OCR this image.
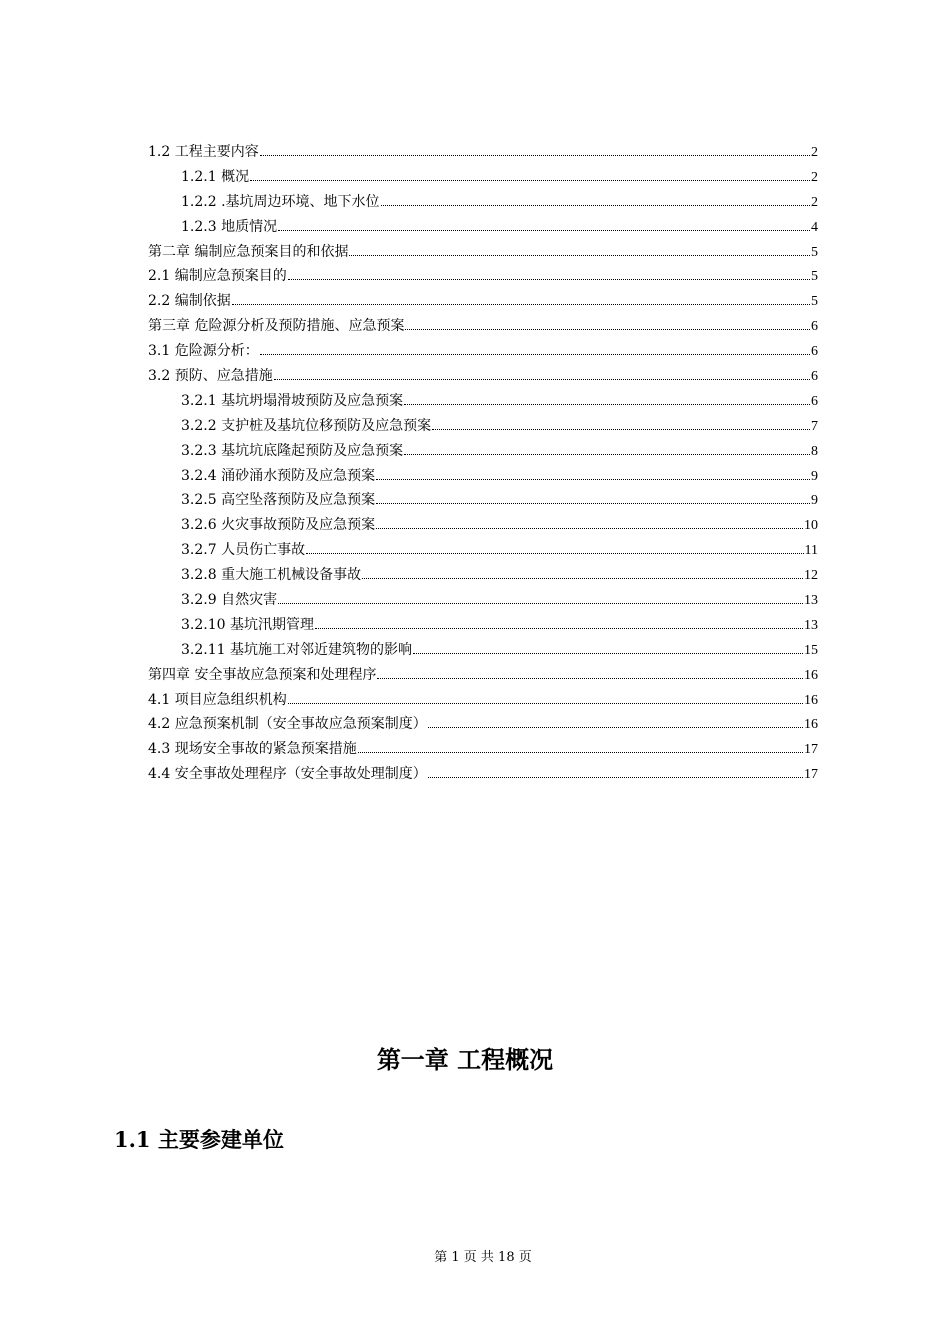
1.2 工程主要内容	2
1.2.1 概况	2
1.2.2 .基坑周边环境、地下水位	2
1.2.3 地质情况	4
第二章 编制应急预案目的和依据	5
2.1 编制应急预案目的	5
2.2 编制依据	5
第三章 危险源分析及预防措施、应急预案	6
3.1 危险源分析：	6
3.2 预防、应急措施	6
3.2.1 基坑坍塌滑坡预防及应急预案	6
3.2.2 支护桩及基坑位移预防及应急预案	7
3.2.3 基坑坑底隆起预防及应急预案	8
3.2.4 涌砂涌水预防及应急预案	9
3.2.5 高空坠落预防及应急预案	9
3.2.6 火灾事故预防及应急预案	10
3.2.7 人员伤亡事故	11
3.2.8 重大施工机械设备事故	12
3.2.9 自然灾害	13
3.2.10 基坑汛期管理	13
3.2.11 基坑施工对邻近建筑物的影响	15
第四章 安全事故应急预案和处理程序	16
4.1 项目应急组织机构	16
4.2 应急预案机制（安全事故应急预案制度）	16
4.3 现场安全事故的紧急预案措施	17
4.4 安全事故处理程序（安全事故处理制度）	17
第一章 工程概况
1.1 主要参建单位
第 1 页 共 18 页
